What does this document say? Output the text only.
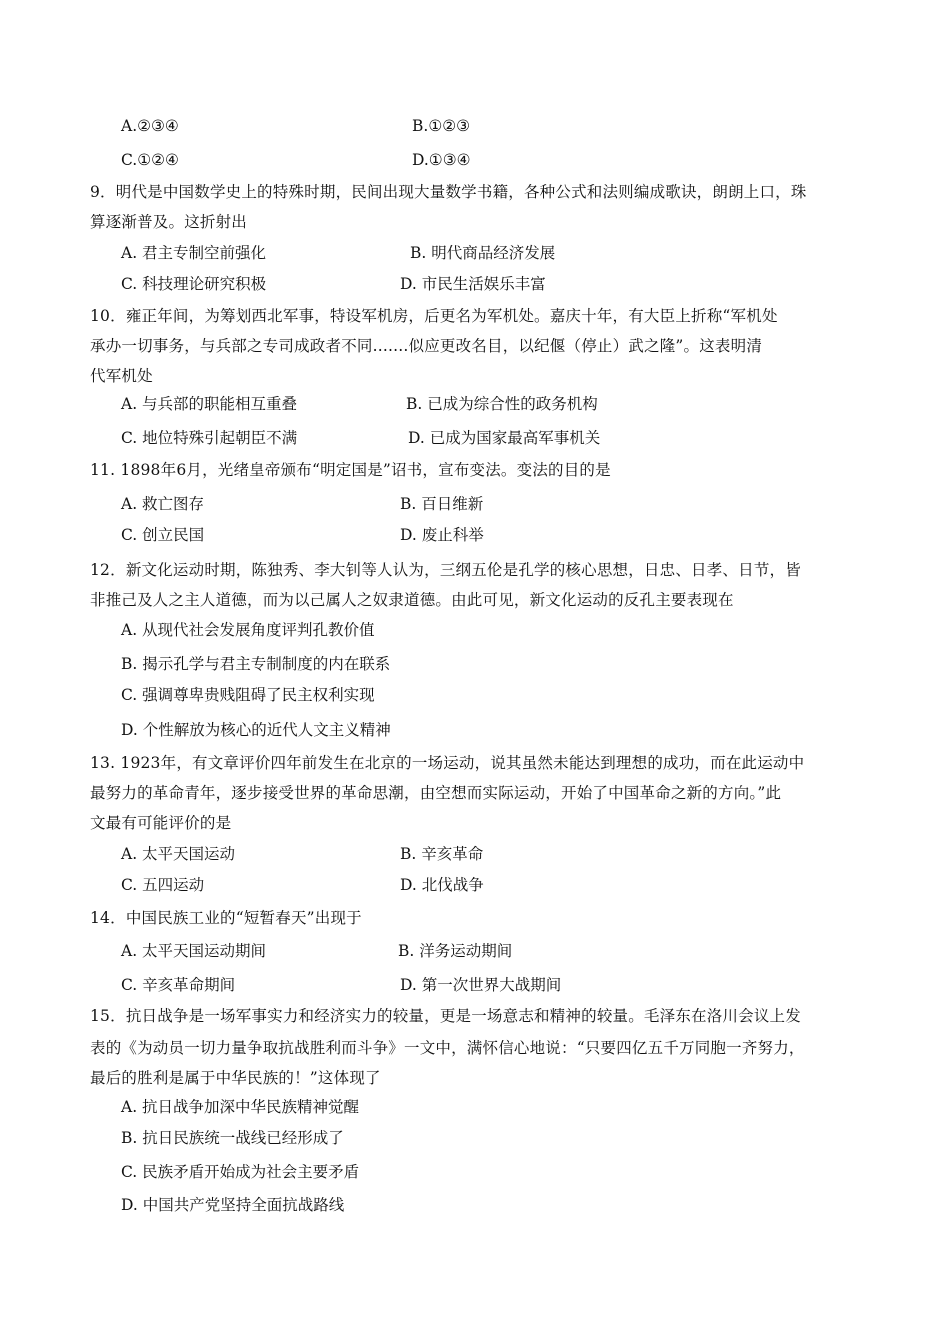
A.②③④	B.①②③
C.①②④	D.①③④
9．明代是中国数学史上的特殊时期，民间出现大量数学书籍，各种公式和法则编成歌诀，朗朗上口，珠
算逐渐普及。这折射出
A. 君主专制空前强化	B. 明代商品经济发展
C. 科技理论研究积极	D. 市民生活娱乐丰富
10．雍正年间，为筹划西北军事，特设军机房，后更名为军机处。嘉庆十年，有大臣上折称“军机处
承办一切事务，与兵部之专司成政者不同.......似应更改名目，以纪偃（停止）武之隆”。这表明清
代军机处
A. 与兵部的职能相互重叠	B. 已成为综合性的政务机构
C. 地位特殊引起朝臣不满	D. 已成为国家最高军事机关
11. 1898年6月，光绪皇帝颁布“明定国是”诏书，宣布变法。变法的目的是
A. 救亡图存	B. 百日维新
C. 创立民国	D. 废止科举
12．新文化运动时期，陈独秀、李大钊等人认为，三纲五伦是孔学的核心思想，日忠、日孝、日节，皆
非推己及人之主人道德，而为以己属人之奴隶道德。由此可见，新文化运动的反孔主要表现在
A. 从现代社会发展角度评判孔教价值
B. 揭示孔学与君主专制制度的内在联系
C. 强调尊卑贵贱阻碍了民主权利实现
D. 个性解放为核心的近代人文主义精神
13. 1923年，有文章评价四年前发生在北京的一场运动，说其虽然未能达到理想的成功，而在此运动中
最努力的革命青年，逐步接受世界的革命思潮，由空想而实际运动，开始了中国革命之新的方向。”此
文最有可能评价的是
A. 太平天国运动	B. 辛亥革命
C. 五四运动	D. 北伐战争
14．中国民族工业的“短暂春天”出现于
A. 太平天国运动期间	B. 洋务运动期间
C. 辛亥革命期间	D. 第一次世界大战期间
15．抗日战争是一场军事实力和经济实力的较量，更是一场意志和精神的较量。毛泽东在洛川会议上发
表的《为动员一切力量争取抗战胜利而斗争》一文中，满怀信心地说：“只要四亿五千万同胞一齐努力，
最后的胜利是属于中华民族的！”这体现了
A. 抗日战争加深中华民族精神觉醒
B. 抗日民族统一战线已经形成了
C. 民族矛盾开始成为社会主要矛盾
D. 中国共产党坚持全面抗战路线
